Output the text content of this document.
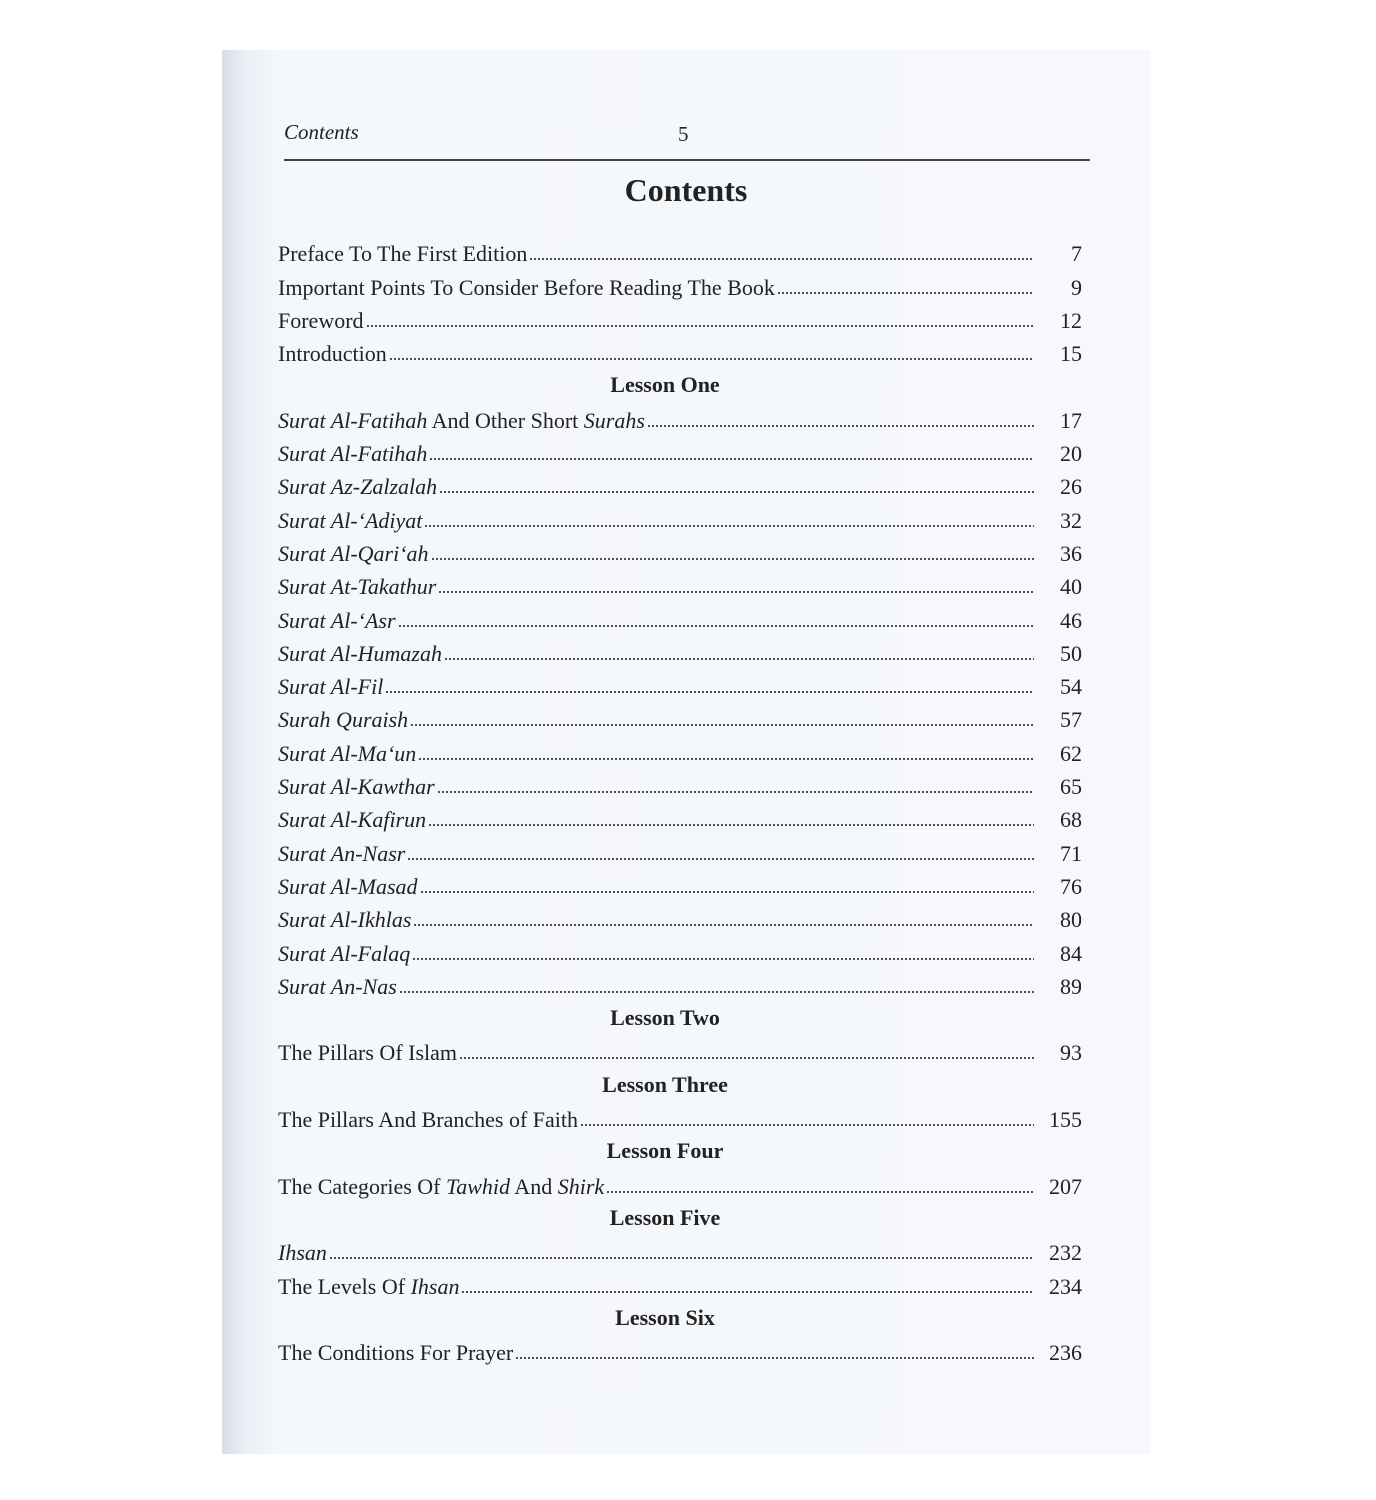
Contents	5
Contents
Preface To The First Edition	7
Important Points To Consider Before Reading The Book	9
Foreword	12
Introduction	15
Lesson One
Surat Al-Fatihah And Other Short Surahs	17
Surat Al-Fatihah	20
Surat Az-Zalzalah	26
Surat Al-‘Adiyat	32
Surat Al-Qari‘ah	36
Surat At-Takathur	40
Surat Al-‘Asr	46
Surat Al-Humazah	50
Surat Al-Fil	54
Surah Quraish	57
Surat Al-Ma‘un	62
Surat Al-Kawthar	65
Surat Al-Kafirun	68
Surat An-Nasr	71
Surat Al-Masad	76
Surat Al-Ikhlas	80
Surat Al-Falaq	84
Surat An-Nas	89
Lesson Two
The Pillars Of Islam	93
Lesson Three
The Pillars And Branches of Faith	155
Lesson Four
The Categories Of Tawhid And Shirk	207
Lesson Five
Ihsan	232
The Levels Of Ihsan	234
Lesson Six
The Conditions For Prayer	236
